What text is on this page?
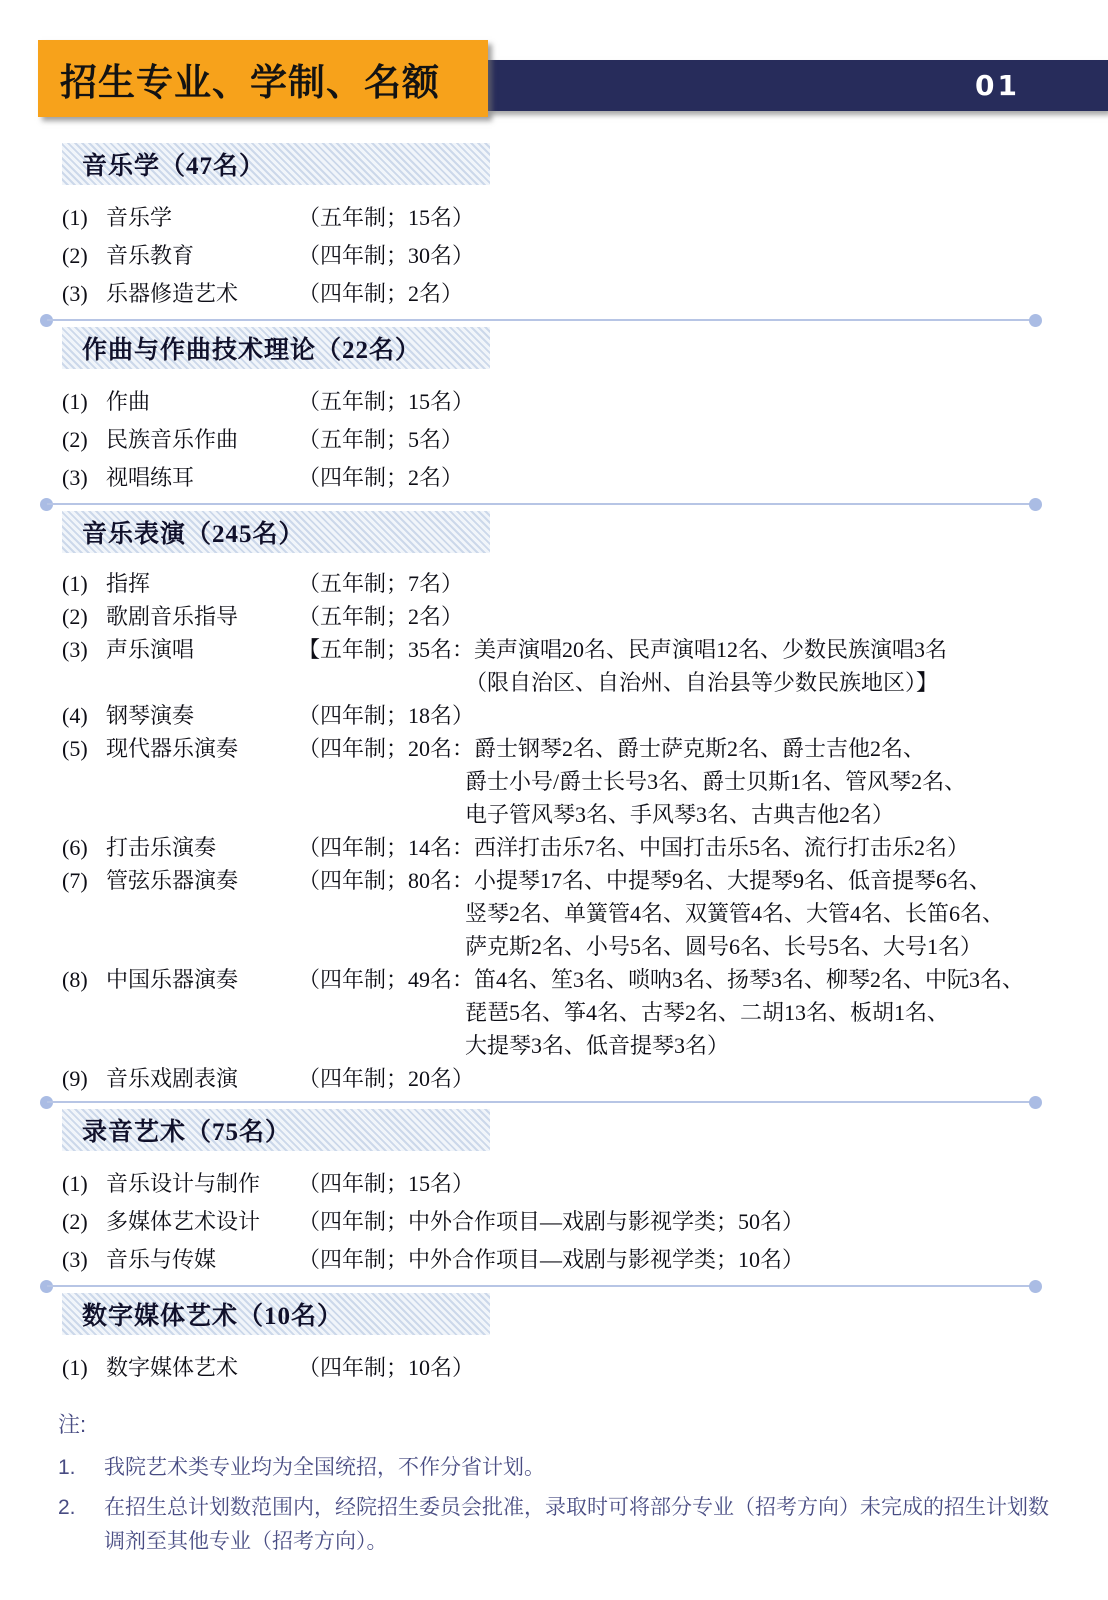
招生专业、学制、名额	01
音乐学（47名）
(1) 音乐学	（五年制；15名）
(2) 音乐教育	（四年制；30名）
(3) 乐器修造艺术	（四年制；2名）
作曲与作曲技术理论（22名）
(1) 作曲	（五年制；15名）
(2) 民族音乐作曲	（五年制；5名）
(3) 视唱练耳	（四年制；2名）
音乐表演（245名）
(1) 指挥	（五年制；7名）
(2) 歌剧音乐指导	（五年制；2名）
(3) 声乐演唱	【五年制；35名：美声演唱20名、民声演唱12名、少数民族演唱3名
（限自治区、自治州、自治县等少数民族地区）】
(4) 钢琴演奏	（四年制；18名）
(5) 现代器乐演奏	（四年制；20名：爵士钢琴2名、爵士萨克斯2名、爵士吉他2名、
爵士小号/爵士长号3名、爵士贝斯1名、管风琴2名、
电子管风琴3名、手风琴3名、古典吉他2名）
(6) 打击乐演奏	（四年制；14名：西洋打击乐7名、中国打击乐5名、流行打击乐2名）
(7) 管弦乐器演奏	（四年制；80名：小提琴17名、中提琴9名、大提琴9名、低音提琴6名、
竖琴2名、单簧管4名、双簧管4名、大管4名、长笛6名、
萨克斯2名、小号5名、圆号6名、长号5名、大号1名）
(8) 中国乐器演奏	（四年制；49名：笛4名、笙3名、唢呐3名、扬琴3名、柳琴2名、中阮3名、
琵琶5名、筝4名、古琴2名、二胡13名、板胡1名、
大提琴3名、低音提琴3名）
(9) 音乐戏剧表演	（四年制；20名）
录音艺术（75名）
(1) 音乐设计与制作	（四年制；15名）
(2) 多媒体艺术设计	（四年制；中外合作项目—戏剧与影视学类；50名）
(3) 音乐与传媒	（四年制；中外合作项目—戏剧与影视学类；10名）
数字媒体艺术（10名）
(1) 数字媒体艺术	（四年制；10名）
注:
1.	我院艺术类专业均为全国统招，不作分省计划。
2.	在招生总计划数范围内，经院招生委员会批准，录取时可将部分专业（招考方向）未完成的招生计划数调剂至其他专业（招考方向）。
